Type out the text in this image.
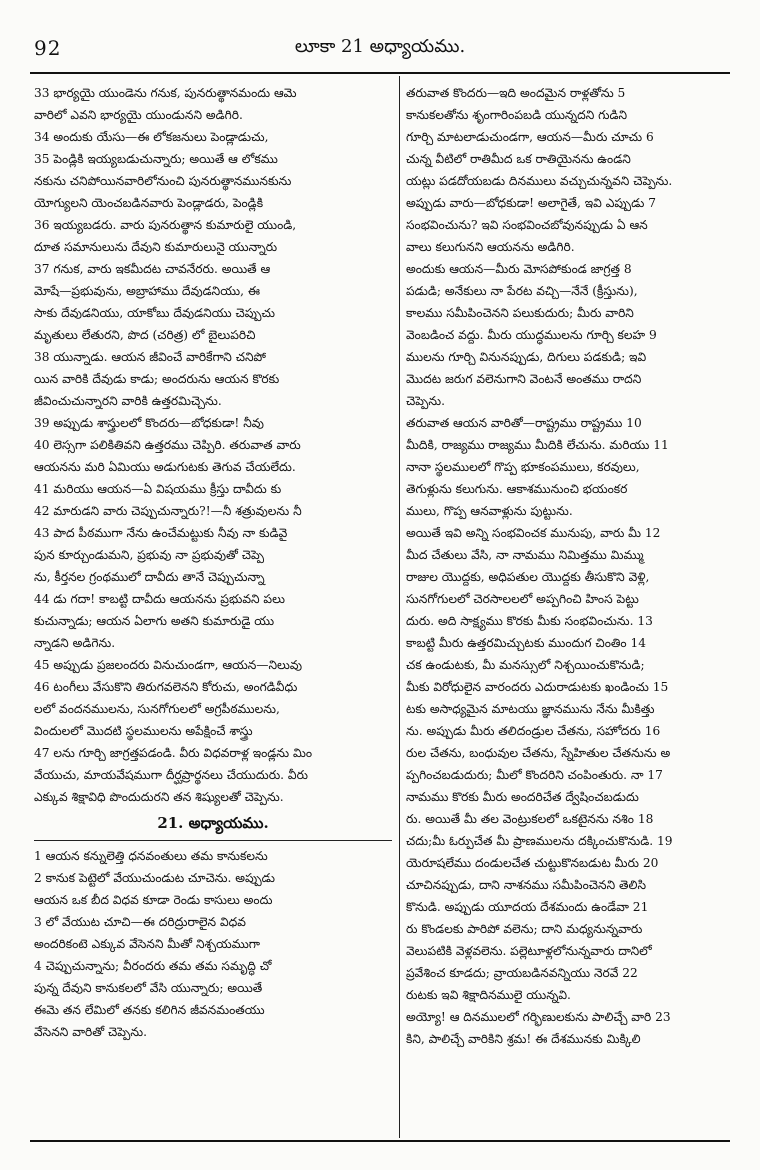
92	లూకా 21 అధ్యాయము.
33 భార్యయై యుండెను గనుక, పునరుత్థానమందు ఆమె
వారిలో ఎవని భార్యయై యుండునని అడిగిరి.
34 అందుకు యేసు—ఈ లోకజనులు పెండ్లాడుచు,
35 పెండ్లికి ఇయ్యబడుచున్నారు; అయితే ఆ లోకము
నకును చనిపోయినవారిలోనుంచి పునరుత్థానమునకును
యోగ్యులని యెంచబడినవారు పెండ్లాడరు, పెండ్లికి
36 ఇయ్యబడరు. వారు పునరుత్థాన కుమారులై యుండి,
దూత సమానులును దేవుని కుమారులునై యున్నారు
37 గనుక, వారు ఇకమీదట చావనేరరు. అయితే ఆ
మోషే—ప్రభువును, అబ్రాహాము దేవుడనియు, ఈ
సాకు దేవుడనియు, యాకోబు దేవుడనియు చెప్పుచు
మృతులు లేతురని, పొద (చరిత్ర) లో బైలుపరిచి
38 యున్నాడు. ఆయన జీవించే వారికేగాని చనిపో
యిన వారికి దేవుడు కాడు; అందరును ఆయన కొరకు
జీవించుచున్నారని వారికి ఉత్తరమిచ్చెను.
39 అప్పుడు శాస్త్రులలో కొందరు—బోధకుడా! నీవు
40 లెస్సగా పలికితివని ఉత్తరము చెప్పిరి. తరువాత వారు
ఆయనను మరి ఏమియు అడుగుటకు తెగువ చేయలేదు.
41 మరియు ఆయన—ఏ విషయము క్రీస్తు దావీదు కు
42 మారుడని వారు చెప్పుచున్నారు?!—నీ శత్రువులను నీ
43 పాద పీఠముగా నేను ఉంచేమట్టుకు నీవు నా కుడివై
పున కూర్చుండుమని, ప్రభువు నా ప్రభువుతో చెప్పె
ను, కీర్తనల గ్రంథములో దావీదు తానే చెప్పుచున్నా
44 డు గదా! కాబట్టి దావీదు ఆయనను ప్రభువని పలు
కుచున్నాడు; ఆయన ఏలాగు అతని కుమారుడై యు
న్నాడని అడిగెను.
45 అప్పుడు ప్రజలందరు వినుచుండగా, ఆయన—నిలువు
46 టంగీలు వేసుకొని తిరుగవలెనని కోరుచు, అంగడివీధు
లలో వందనములను, సునగోగులలో అగ్రపీఠములను,
విందులలో మొదటి స్థలములను అపేక్షించే శాస్త్రు
47 లను గూర్చి జాగ్రత్తపడండి. వీరు విధవరాళ్ల ఇండ్లను మిం
వేయుచు, మాయవేషముగా దీర్ఘప్రార్థనలు చేయుదురు. వీరు
ఎక్కువ శిక్షావిధి పొందుదురని తన శిష్యులతో చెప్పెను.
21. అధ్యాయము.
1 ఆయన కన్నులెత్తి ధనవంతులు తమ కానుకలను
2 కానుక పెట్టెలో వేయుచుండుట చూచెను. అప్పుడు
ఆయన ఒక బీద విధవ కూడా రెండు కాసులు అందు
3 లో వేయుట చూచి—ఈ దరిద్రురాలైన విధవ
అందరికంటె ఎక్కువ వేసెనని మీతో నిశ్చయముగా
4 చెప్పుచున్నాను; వీరందరు తమ తమ సమృద్ధి చో
పున్న దేవుని కానుకలలో వేసి యున్నారు; అయితే
ఈమె తన లేమిలో తనకు కలిగిన జీవనమంతయు
వేసెనని వారితో చెప్పెను.
తరువాత కొందరు—ఇది అందమైన రాళ్లతోను 5
కానుకలతోను శృంగారింపబడి యున్నదని గుడిని
గూర్చి మాటలాడుచుండగా, ఆయన—మీరు చూచు 6
చున్న వీటిలో రాతిమీద ఒక రాతియైనను ఉండని
యట్లు పడదోయబడు దినములు వచ్చుచున్నవని చెప్పెను.
అప్పుడు వారు—బోధకుడా! అలాగైతే, ఇవి ఎప్పుడు 7
సంభవించును? ఇవి సంభవించబోవునప్పుడు ఏ ఆన
వాలు కలుగునని ఆయనను అడిగిరి.
అందుకు ఆయన—మీరు మోసపోకుండ జాగ్రత్త 8
పడుడి; అనేకులు నా పేరట వచ్చి—నేనే (క్రీస్తును),
కాలము సమీపించెనని పలుకుదురు; మీరు వారిని
వెంబడించ వద్దు. మీరు యుద్ధములను గూర్చి కలహ 9
ములను గూర్చి వినునప్పుడు, దిగులు పడకుడి; ఇవి
మొదట జరుగ వలెనుగాని వెంటనే అంతము రాదని
చెప్పెను.
తరువాత ఆయన వారితో—రాష్ట్రము రాష్ట్రము 10
మీదికి, రాజ్యము రాజ్యము మీదికి లేచును. మరియు 11
నానా స్థలములలో గొప్ప భూకంపములు, కరవులు,
తెగుళ్లును కలుగును. ఆకాశమునుంచి భయంకర
ములు, గొప్ప ఆనవాళ్లును పుట్టును.
అయితే ఇవి అన్ని సంభవించక మునుపు, వారు మీ 12
మీద చేతులు వేసి, నా నామము నిమిత్తము మిమ్ము
రాజుల యొద్దకు, అధిపతుల యొద్దకు తీసుకొని వెళ్లి,
సునగోగులలో చెరసాలలలో అప్పగించి హింస పెట్టు
దురు. అది సాక్ష్యము కొరకు మీకు సంభవించును. 13
కాబట్టి మీరు ఉత్తరమిచ్చుటకు ముందుగ చింతిం 14
చక ఉండుటకు, మీ మనస్సులో నిశ్చయించుకొనుడి;
మీకు విరోధులైన వారందరు ఎదురాడుటకు ఖండించు 15
టకు అసాధ్యమైన మాటయు జ్ఞానమును నేను మీకిత్తు
ను. అప్పుడు మీరు తలిదండ్రుల చేతను, సహోదరు 16
రుల చేతను, బంధువుల చేతను, స్నేహితుల చేతనును అ
ప్పగించబడుదురు; మీలో కొందరిని చంపింతురు. నా 17
నామము కొరకు మీరు అందరిచేత ద్వేషించబడుదు
రు. అయితే మీ తల వెంట్రుకలలో ఒకటైనను నశిం 18
చదు;మీ ఓర్పుచేత మీ ప్రాణములను దక్కించుకొనుడి. 19
యెరూషలేము దండులచేత చుట్టుకొనబడుట మీరు 20
చూచినప్పుడు, దాని నాశనము సమీపించెనని తెలిసి
కొనుడి. అప్పుడు యూదయ దేశమందు ఉండేవా 21
రు కొండలకు పారిపో వలెను; దాని మధ్యనున్నవారు
వెలుపటికి వెళ్లవలెను. పల్లెటూళ్లలోనున్నవారు దానిలో
ప్రవేశించ కూడదు; వ్రాయబడినవన్నియు నెరవే 22
రుటకు ఇవి శిక్షాదినములై యున్నవి.
అయ్యో! ఆ దినములలో గర్భిణులకును పాలిచ్చే వారి 23
కిని, పాలిచ్చే వారికిని శ్రమ! ఈ దేశమునకు మిక్కిలి
